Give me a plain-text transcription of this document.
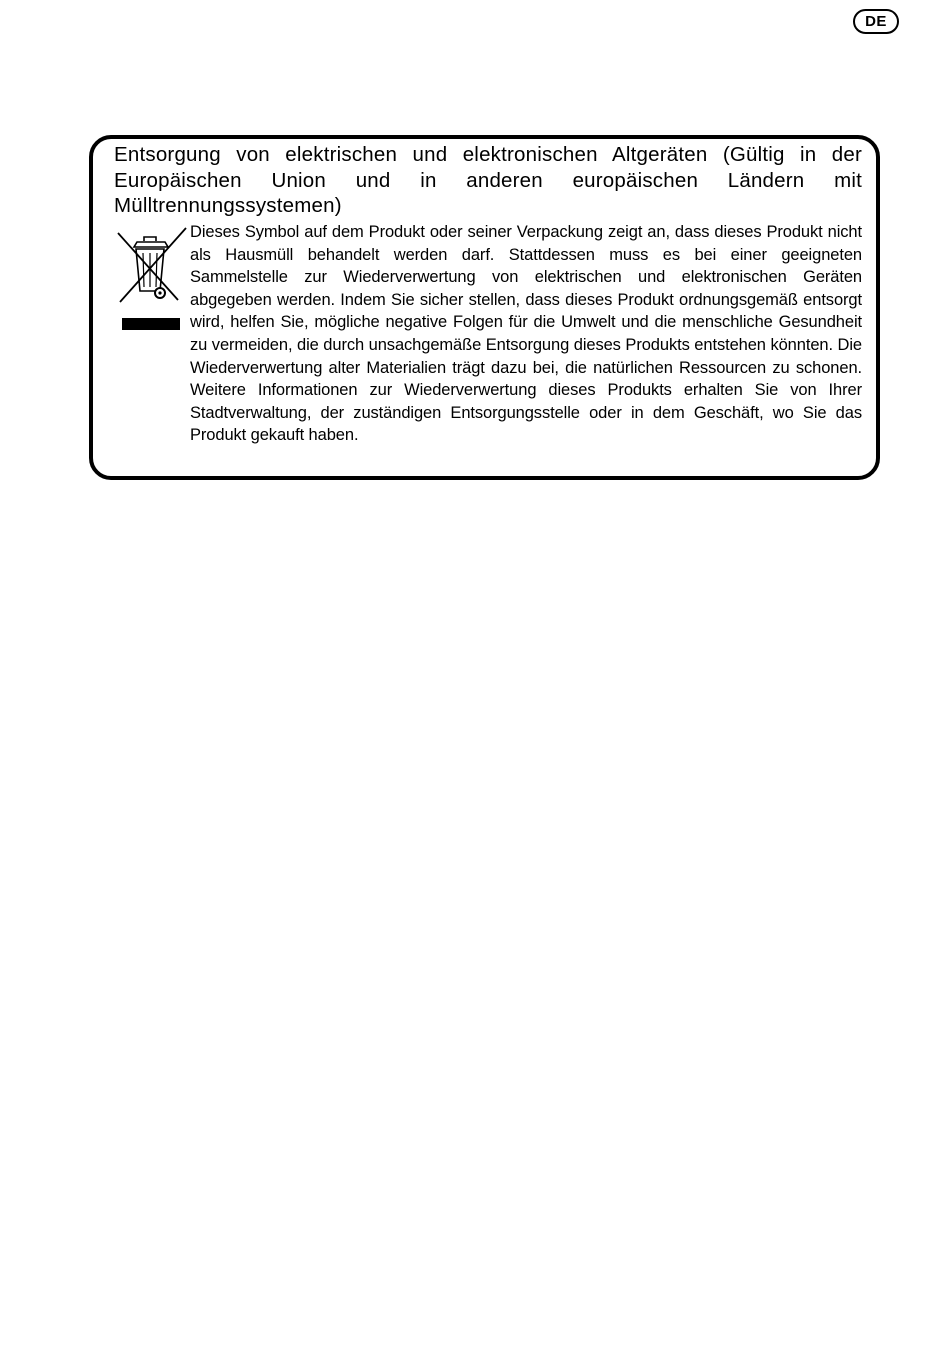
DE
Entsorgung von elektrischen und elektronischen Altgeräten (Gültig in der Europäischen Union und in anderen europäischen Ländern mit Mülltrennungssystemen)

Dieses Symbol auf dem Produkt oder seiner Verpackung zeigt an, dass dieses Produkt nicht als Hausmüll behandelt werden darf. Stattdessen muss es bei einer geeigneten Sammelstelle zur Wiederverwertung von elektrischen und elektronischen Geräten abgegeben werden. Indem Sie sicher stellen, dass dieses Produkt ordnungsgemäß entsorgt wird, helfen Sie, mögliche negative Folgen für die Umwelt und die menschliche Gesundheit zu vermeiden, die durch unsachgemäße Entsorgung dieses Produkts entstehen könnten. Die Wiederverwertung alter Materialien trägt dazu bei, die natürlichen Ressourcen zu schonen. Weitere Informationen zur Wiederverwertung dieses Produkts erhalten Sie von Ihrer Stadtverwaltung, der zuständigen Entsorgungsstelle oder in dem Geschäft, wo Sie das Produkt gekauft haben.
